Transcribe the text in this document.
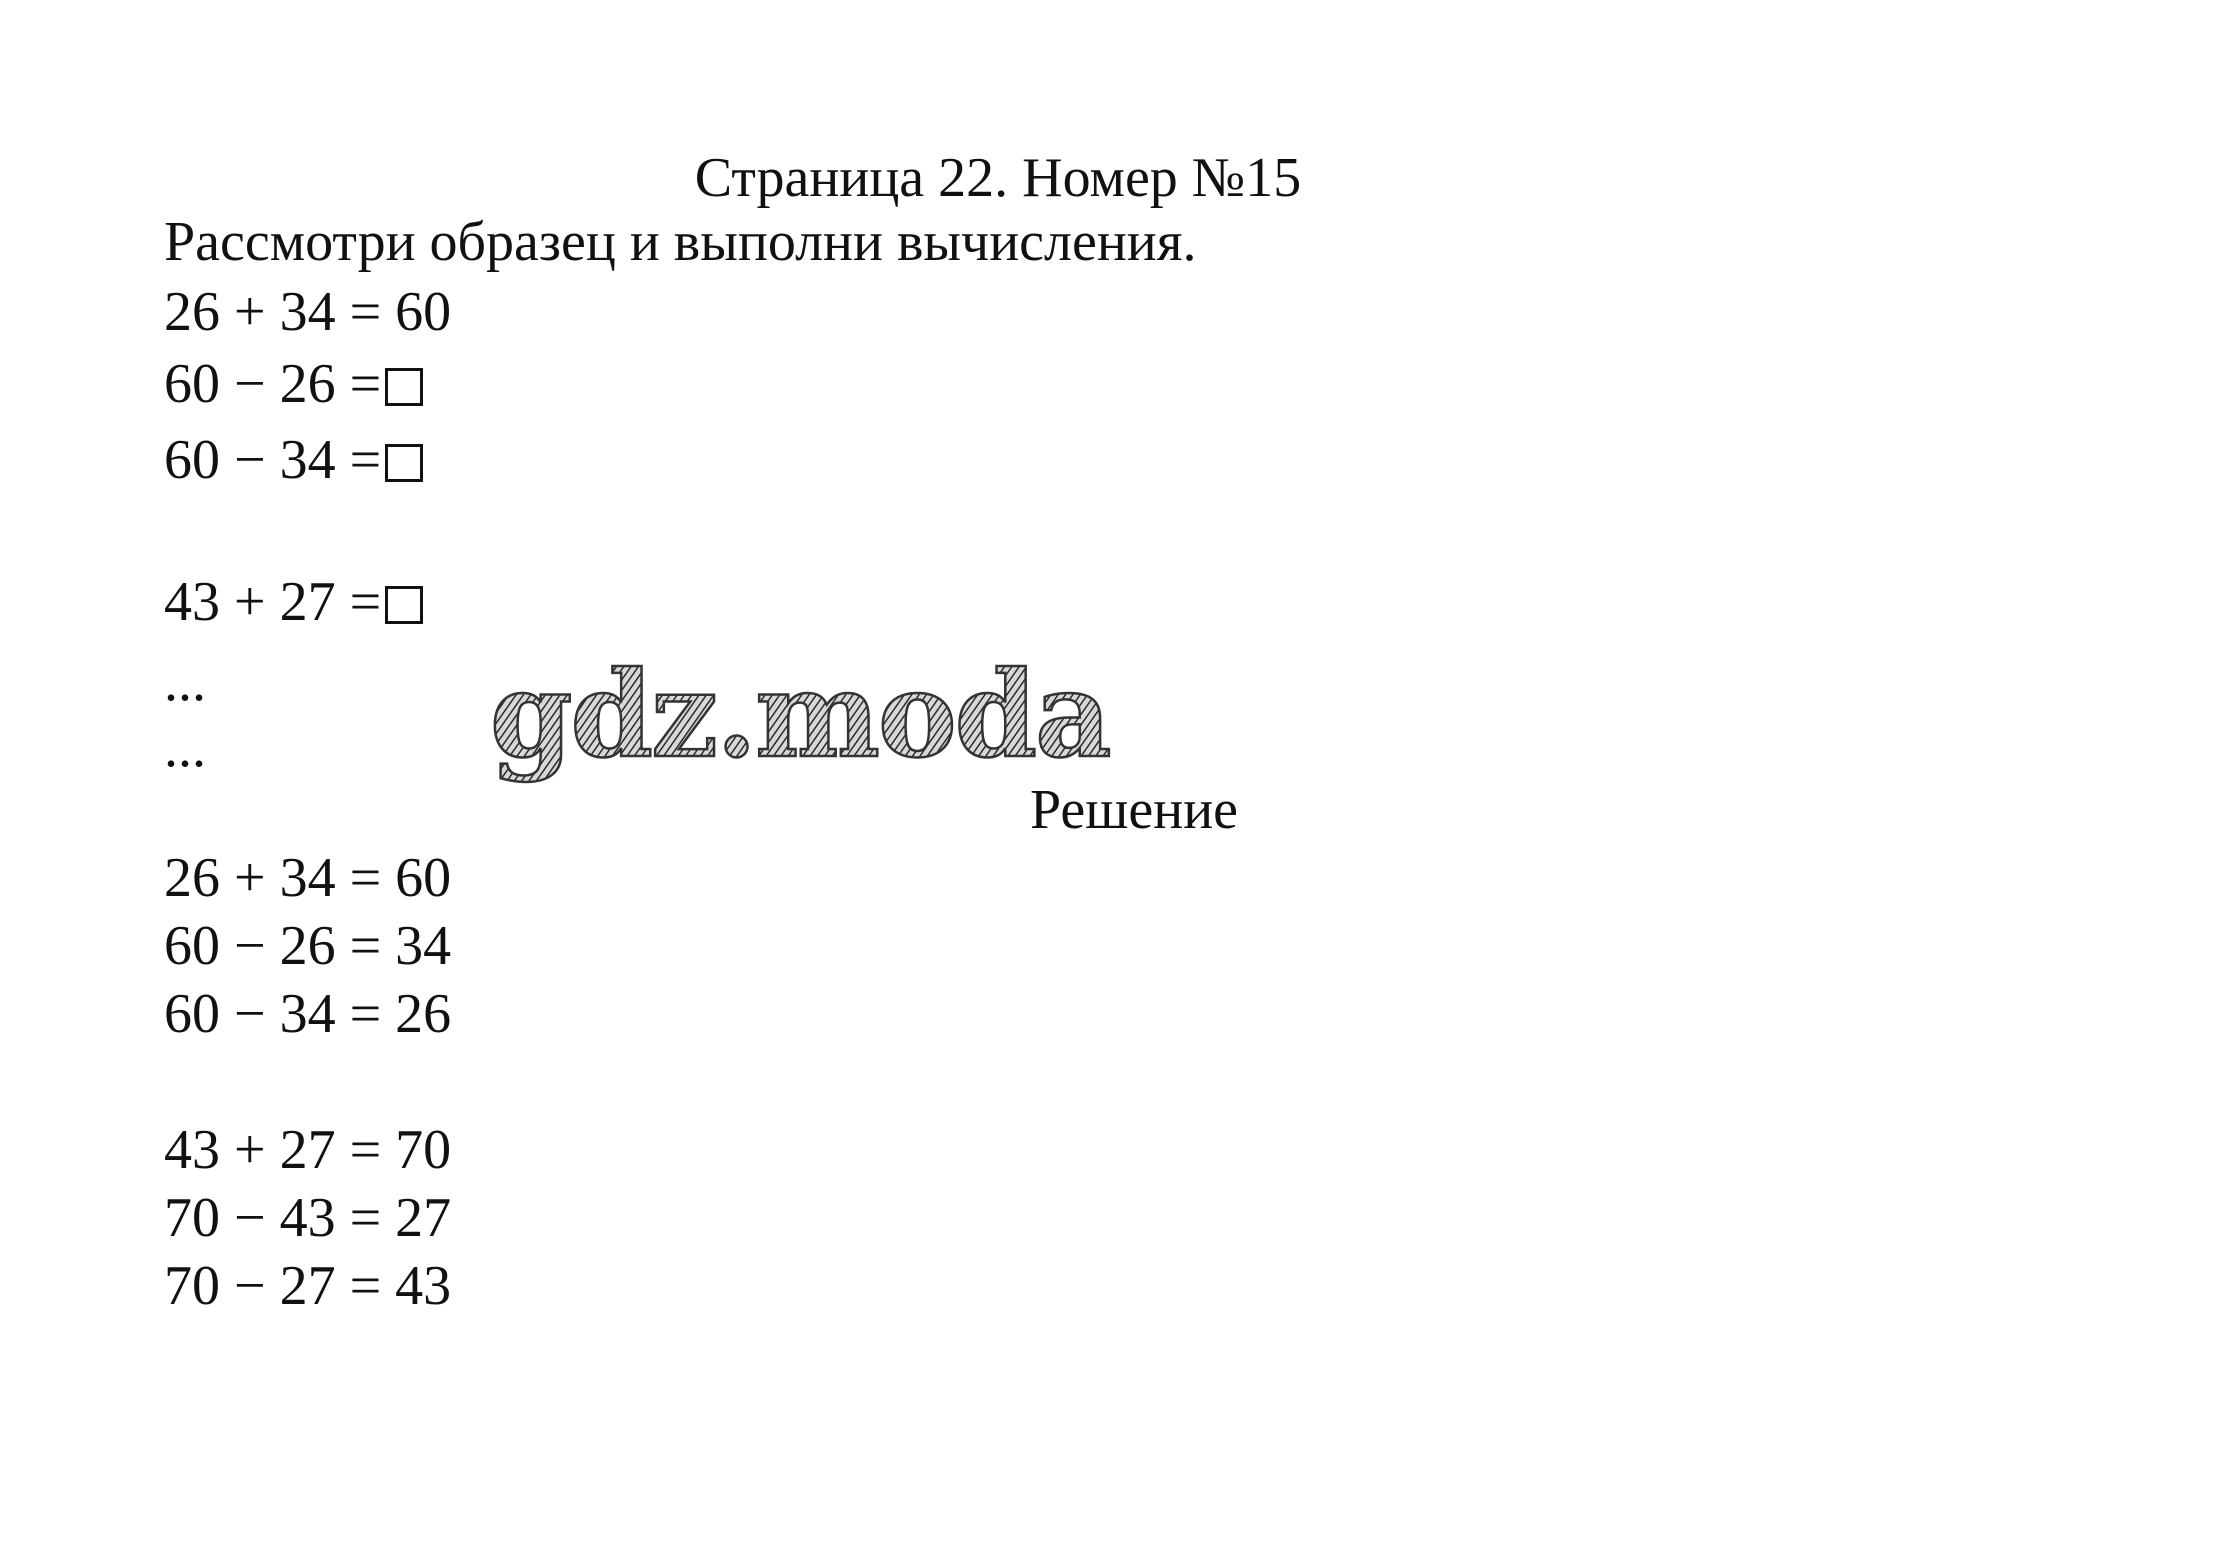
Страница 22. Номер №15
Рассмотри образец и выполни вычисления.
26 + 34 = 60
60 − 26 =
60 − 34 =
43 + 27 =
...
... gdz.moda
Решение
26 + 34 = 60
60 − 26 = 34
60 − 34 = 26
43 + 27 = 70
70 − 43 = 27
70 − 27 = 43
